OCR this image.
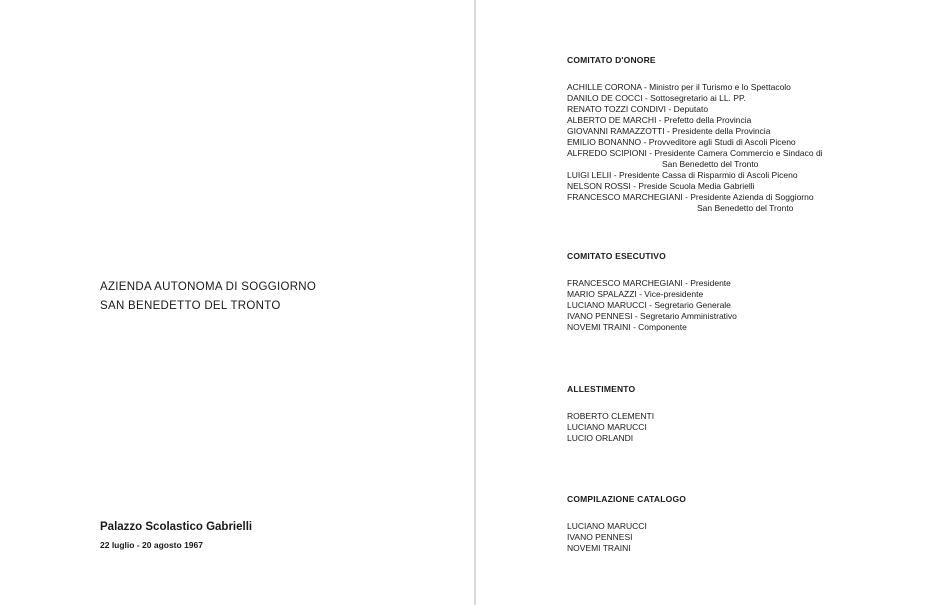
AZIENDA AUTONOMA DI SOGGIORNO
SAN BENEDETTO DEL TRONTO
Palazzo Scolastico Gabrielli
22 luglio - 20 agosto 1967
COMITATO D'ONORE
ACHILLE CORONA - Ministro per il Turismo e lo Spettacolo
DANILO DE COCCI - Sottosegretario ai LL. PP.
RENATO TOZZI CONDIVI - Deputato
ALBERTO DE MARCHI - Prefetto della Provincia
GIOVANNI RAMAZZOTTI - Presidente della Provincia
EMILIO BONANNO - Provveditore agli Studi di Ascoli Piceno
ALFREDO SCIPIONI - Presidente Camera Commercio e Sindaco di
San Benedetto del Tronto
LUIGI LELII - Presidente Cassa di Risparmio di Ascoli Piceno
NELSON ROSSI - Preside Scuola Media Gabrielli
FRANCESCO MARCHEGIANI - Presidente Azienda di Soggiorno
San Benedetto del Tronto
COMITATO ESECUTIVO
FRANCESCO MARCHEGIANI - Presidente
MARIO SPALAZZI - Vice-presidente
LUCIANO MARUCCI - Segretario Generale
IVANO PENNESI - Segretario Amministrativo
NOVEMI TRAINI - Componente
ALLESTIMENTO
ROBERTO CLEMENTI
LUCIANO MARUCCI
LUCIO ORLANDI
COMPILAZIONE CATALOGO
LUCIANO MARUCCI
IVANO PENNESI
NOVEMI TRAINI
